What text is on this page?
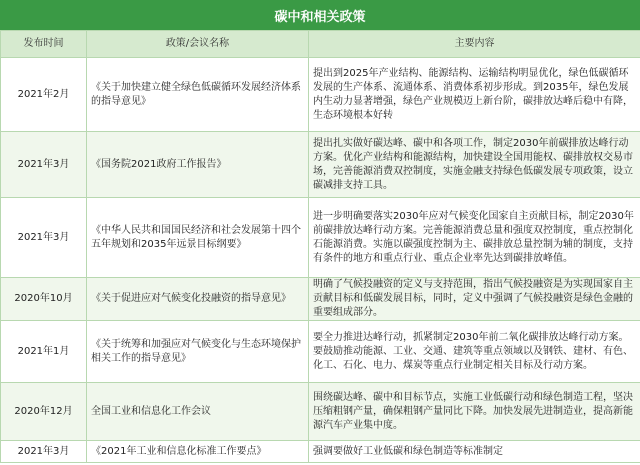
碳中和相关政策
发布时间	政策/会议名称	主要内容
2021年2月	《关于加快建立健全绿色低碳循环发展经济体系的指导意见》	提出到2025年产业结构、能源结构、运输结构明显优化，绿色低碳循环发展的生产体系、流通体系、消费体系初步形成。到2035年，绿色发展内生动力显著增强，绿色产业规模迈上新台阶，碳排放达峰后稳中有降，生态环境根本好转
2021年3月	《国务院2021政府工作报告》	提出扎实做好碳达峰、碳中和各项工作，制定2030年前碳排放达峰行动方案。优化产业结构和能源结构，加快建设全国用能权、碳排放权交易市场，完善能源消费双控制度，实施金融支持绿色低碳发展专项政策，设立碳减排支持工具。
2021年3月	《中华人民共和国国民经济和社会发展第十四个五年规划和2035年远景目标纲要》	进一步明确要落实2030年应对气候变化国家自主贡献目标，制定2030年前碳排放达峰行动方案。完善能源消费总量和强度双控制度，重点控制化石能源消费。实施以碳强度控制为主、碳排放总量控制为辅的制度，支持有条件的地方和重点行业、重点企业率先达到碳排放峰值。
2020年10月	《关于促进应对气候变化投融资的指导意见》	明确了气候投融资的定义与支持范围，指出气候投融资是为实现国家自主贡献目标和低碳发展目标，同时，定义中强调了气候投融资是绿色金融的重要组成部分。
2021年1月	《关于统筹和加强应对气候变化与生态环境保护相关工作的指导意见》	要全力推进达峰行动，抓紧制定2030年前二氧化碳排放达峰行动方案。要鼓励推动能源、工业、交通、建筑等重点领域以及钢铁、建材、有色、化工、石化、电力、煤炭等重点行业制定相关目标及行动方案。
2020年12月	全国工业和信息化工作会议	围绕碳达峰、碳中和目标节点，实施工业低碳行动和绿色制造工程，坚决压缩粗钢产量，确保粗钢产量同比下降。加快发展先进制造业，提高新能源汽车产业集中度。
2021年3月	《2021年工业和信息化标准工作要点》	强调要做好工业低碳和绿色制造等标准制定
